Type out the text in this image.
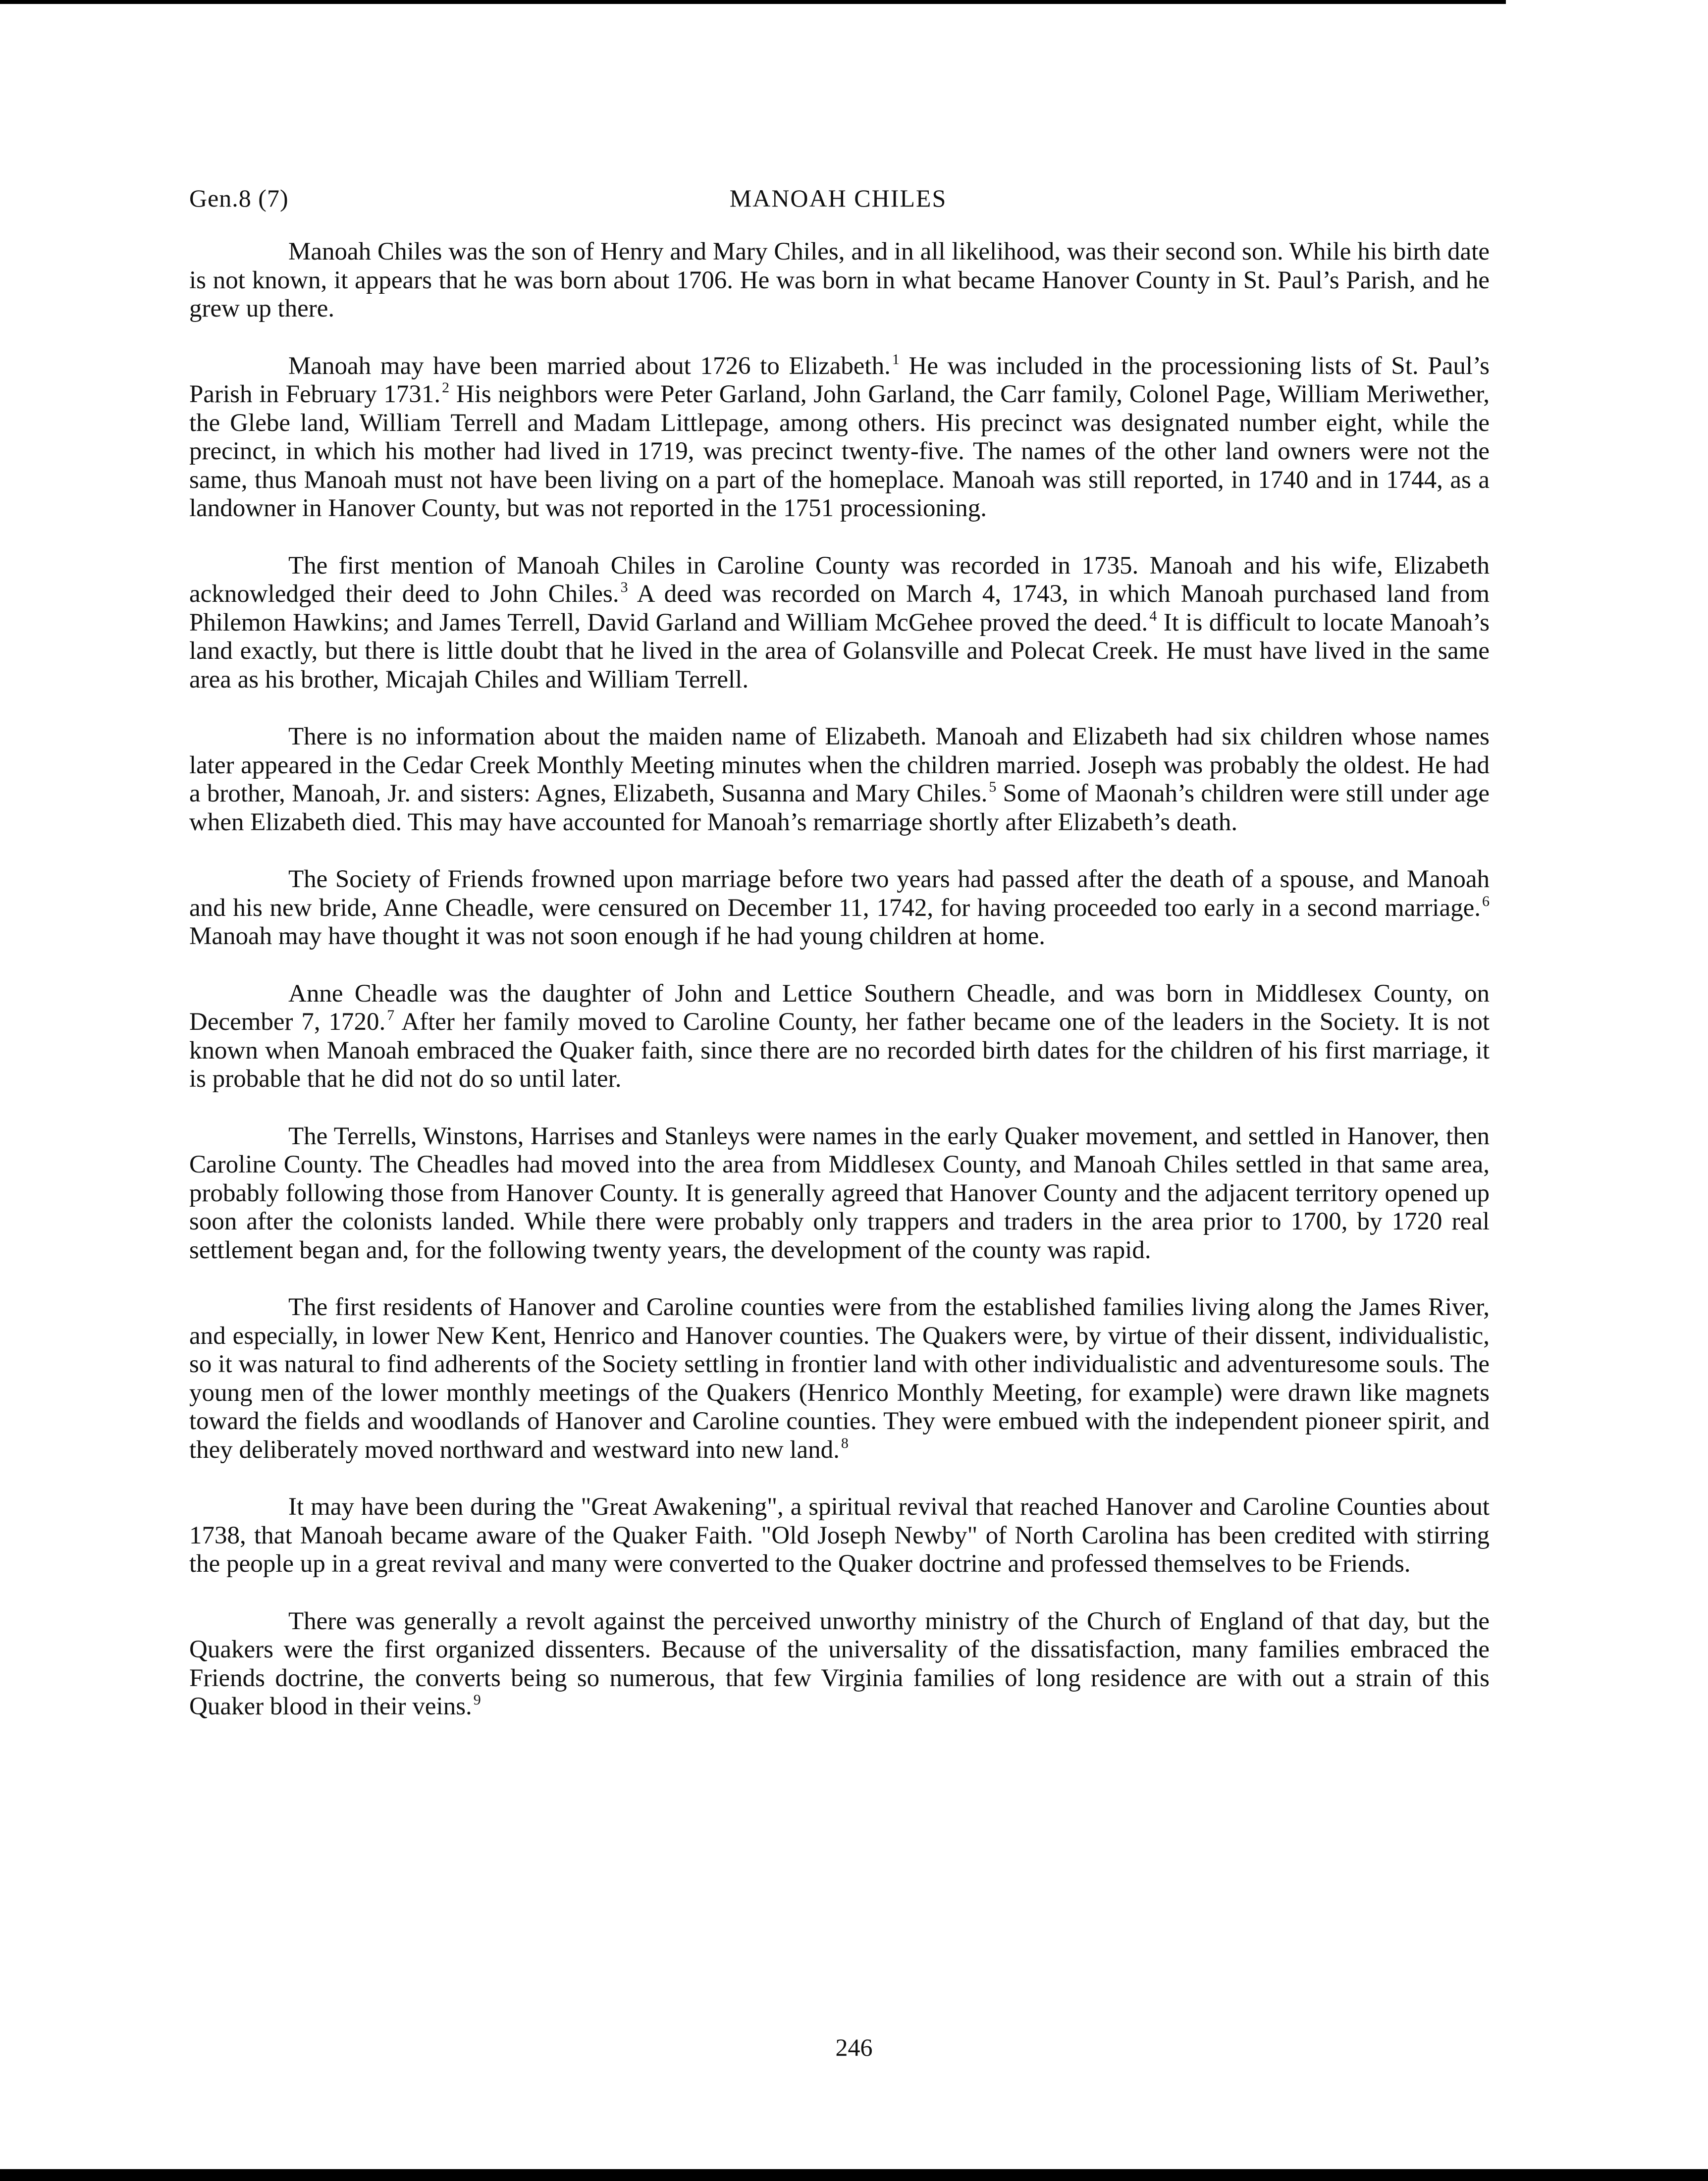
Gen.8 (7)	MANOAH CHILES

Manoah Chiles was the son of Henry and Mary Chiles, and in all likelihood, was their second son. While his birth date is not known, it appears that he was born about 1706. He was born in what became Hanover County in St. Paul’s Parish, and he grew up there.

Manoah may have been married about 1726 to Elizabeth. $^1$ He was included in the processioning lists of St. Paul’s Parish in February 1731. $^2$ His neighbors were Peter Garland, John Garland, the Carr family, Colonel Page, William Meriwether, the Glebe land, William Terrell and Madam Littlepage, among others. His precinct was designated number eight, while the precinct, in which his mother had lived in 1719, was precinct twenty-five. The names of the other land owners were not the same, thus Manoah must not have been living on a part of the homeplace. Manoah was still reported, in 1740 and in 1744, as a landowner in Hanover County, but was not reported in the 1751 processioning.

The first mention of Manoah Chiles in Caroline County was recorded in 1735. Manoah and his wife, Elizabeth acknowledged their deed to John Chiles. $^3$ A deed was recorded on March 4, 1743, in which Manoah purchased land from Philemon Hawkins; and James Terrell, David Garland and William McGehee proved the deed. $^4$ It is difficult to locate Manoah’s land exactly, but there is little doubt that he lived in the area of Golansville and Polecat Creek. He must have lived in the same area as his brother, Micajah Chiles and William Terrell.

There is no information about the maiden name of Elizabeth. Manoah and Elizabeth had six children whose names later appeared in the Cedar Creek Monthly Meeting minutes when the children married. Joseph was probably the oldest. He had a brother, Manoah, Jr. and sisters: Agnes, Elizabeth, Susanna and Mary Chiles. $^5$ Some of Maonah’s children were still under age when Elizabeth died. This may have accounted for Manoah’s remarriage shortly after Elizabeth’s death.

The Society of Friends frowned upon marriage before two years had passed after the death of a spouse, and Manoah and his new bride, Anne Cheadle, were censured on December 11, 1742, for having proceeded too early in a second marriage. $^6$ Manoah may have thought it was not soon enough if he had young children at home.

Anne Cheadle was the daughter of John and Lettice Southern Cheadle, and was born in Middlesex County, on December 7, 1720. $^7$ After her family moved to Caroline County, her father became one of the leaders in the Society. It is not known when Manoah embraced the Quaker faith, since there are no recorded birth dates for the children of his first marriage, it is probable that he did not do so until later.

The Terrells, Winstons, Harrises and Stanleys were names in the early Quaker movement, and settled in Hanover, then Caroline County. The Cheadles had moved into the area from Middlesex County, and Manoah Chiles settled in that same area, probably following those from Hanover County. It is generally agreed that Hanover County and the adjacent territory opened up soon after the colonists landed. While there were probably only trappers and traders in the area prior to 1700, by 1720 real settlement began and, for the following twenty years, the development of the county was rapid.

The first residents of Hanover and Caroline counties were from the established families living along the James River, and especially, in lower New Kent, Henrico and Hanover counties. The Quakers were, by virtue of their dissent, individualistic, so it was natural to find adherents of the Society settling in frontier land with other individualistic and adventuresome souls. The young men of the lower monthly meetings of the Quakers (Henrico Monthly Meeting, for example) were drawn like magnets toward the fields and woodlands of Hanover and Caroline counties. They were embued with the independent pioneer spirit, and they deliberately moved northward and westward into new land. $^8$

It may have been during the "Great Awakening", a spiritual revival that reached Hanover and Caroline Counties about 1738, that Manoah became aware of the Quaker Faith. "Old Joseph Newby" of North Carolina has been credited with stirring the people up in a great revival and many were converted to the Quaker doctrine and professed themselves to be Friends.

There was generally a revolt against the perceived unworthy ministry of the Church of England of that day, but the Quakers were the first organized dissenters. Because of the universality of the dissatisfaction, many families embraced the Friends doctrine, the converts being so numerous, that few Virginia families of long residence are with out a strain of this Quaker blood in their veins. $^9$

246
